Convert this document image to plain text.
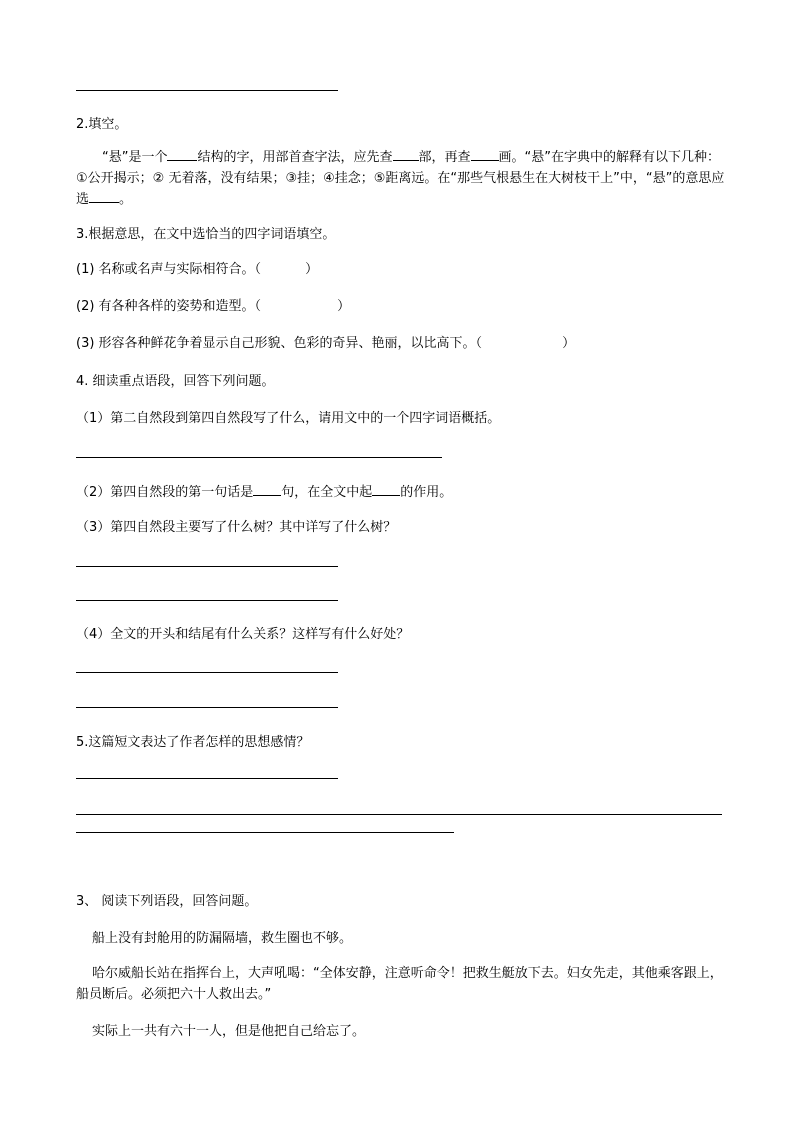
2.填空。
“悬”是一个 结构的字，用部首查字法，应先查 部，再查 画。“悬”在字典中的解释有以下几种：①公开揭示；② 无着落，没有结果；③挂；④挂念；⑤距离远。在“那些气根悬生在大树枝干上”中，“悬”的意思应选 。
3.根据意思，在文中选恰当的四字词语填空。
(1) 名称或名声与实际相符合。（	）
(2) 有各种各样的姿势和造型。（	）
(3) 形容各种鲜花争着显示自己形貌、色彩的奇异、艳丽，以比高下。（	）
4. 细读重点语段，回答下列问题。
（1）第二自然段到第四自然段写了什么，请用文中的一个四字词语概括。
（2）第四自然段的第一句话是 句，在全文中起 的作用。
（3）第四自然段主要写了什么树？其中详写了什么树？
（4）全文的开头和结尾有什么关系？这样写有什么好处？
5.这篇短文表达了作者怎样的思想感情？
3、 阅读下列语段，回答问题。
船上没有封舱用的防漏隔墙，救生圈也不够。
哈尔威船长站在指挥台上，大声吼喝：“全体安静，注意听命令！把救生艇放下去。妇女先走，其他乘客跟上，船员断后。必须把六十人救出去。”
实际上一共有六十一人，但是他把自己给忘了。
